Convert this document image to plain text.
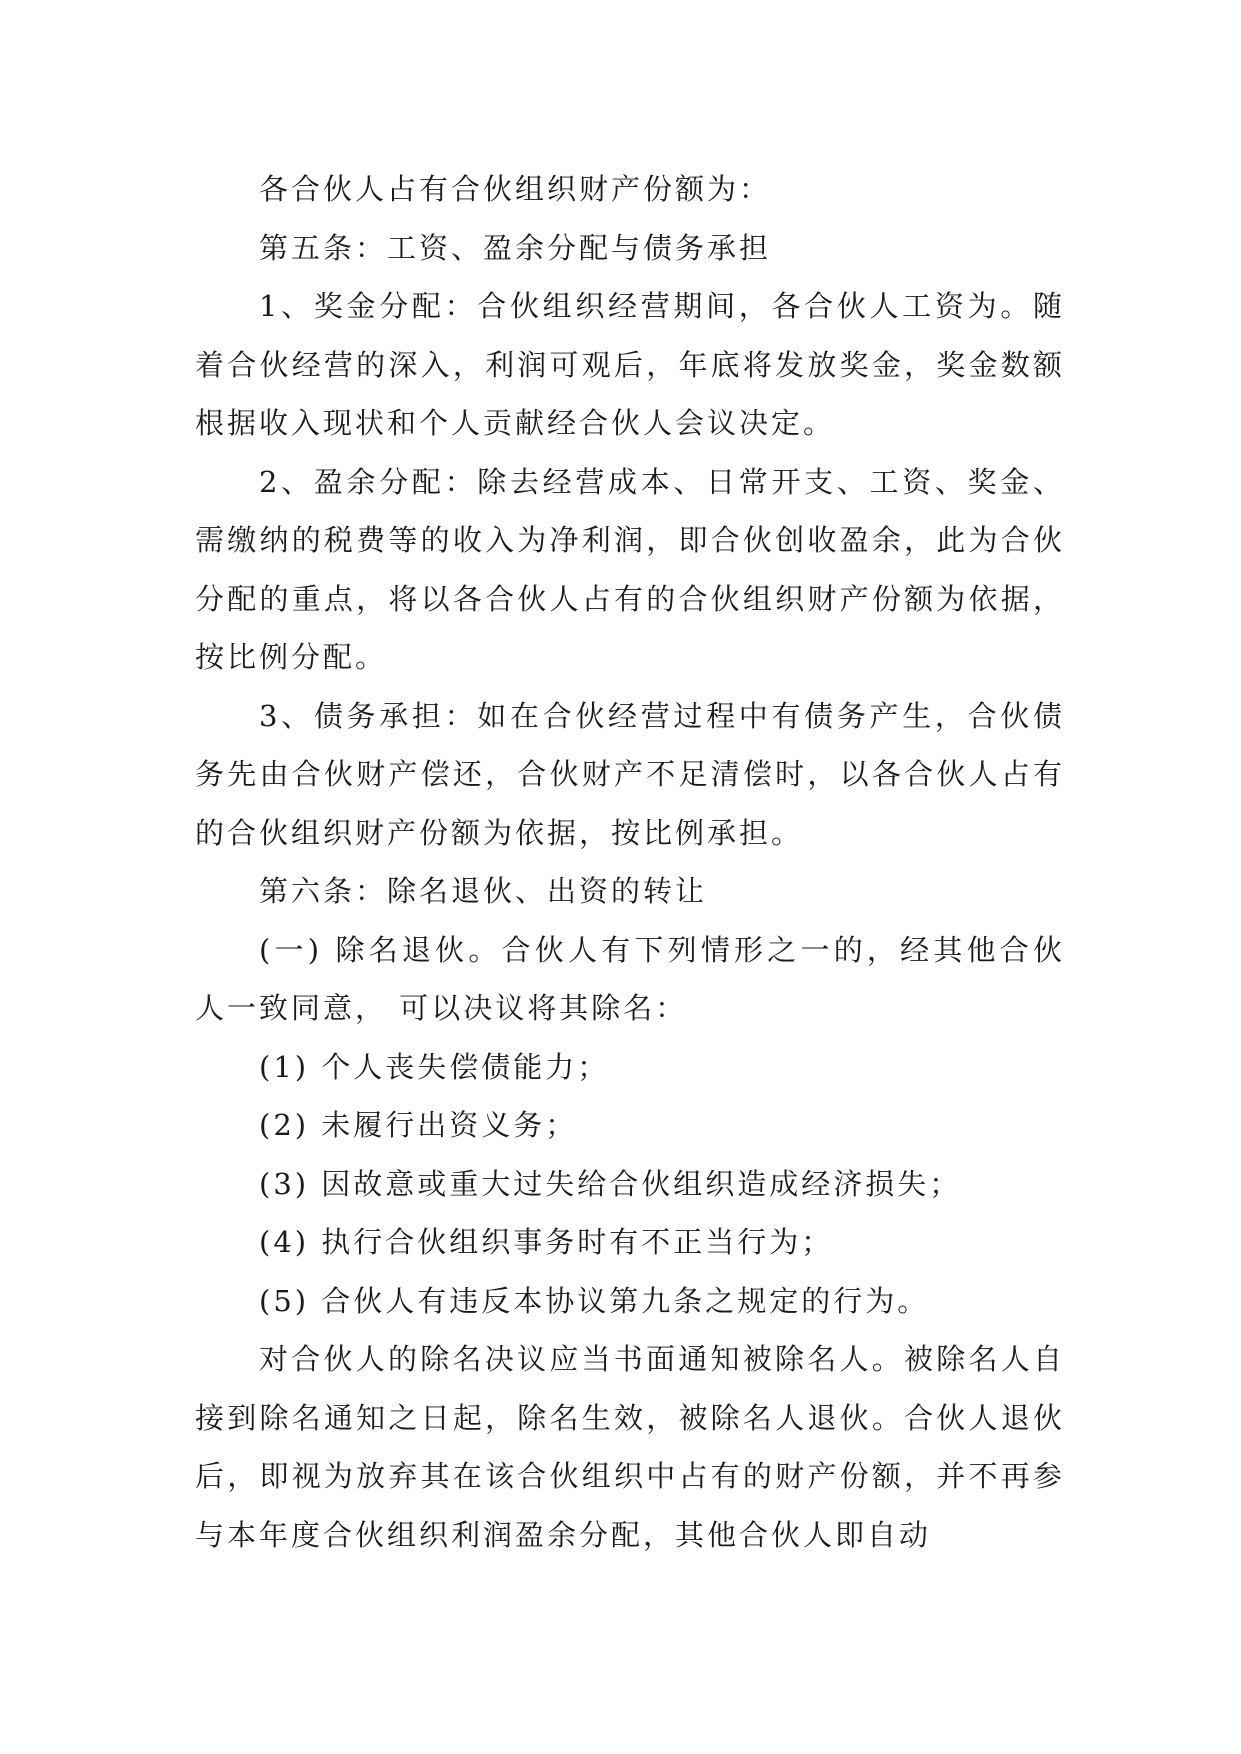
各合伙人占有合伙组织财产份额为：

第五条：工资、盈余分配与债务承担

1、奖金分配：合伙组织经营期间，各合伙人工资为。随着合伙经营的深入，利润可观后，年底将发放奖金，奖金数额根据收入现状和个人贡献经合伙人会议决定。

2、盈余分配：除去经营成本、日常开支、工资、奖金、需缴纳的税费等的收入为净利润，即合伙创收盈余，此为合伙分配的重点，将以各合伙人占有的合伙组织财产份额为依据，按比例分配。

3、债务承担：如在合伙经营过程中有债务产生，合伙债务先由合伙财产偿还，合伙财产不足清偿时，以各合伙人占有的合伙组织财产份额为依据，按比例承担。

第六条：除名退伙、出资的转让

(一) 除名退伙。合伙人有下列情形之一的，经其他合伙人一致同意， 可以决议将其除名：

(1) 个人丧失偿债能力；

(2) 未履行出资义务；

(3) 因故意或重大过失给合伙组织造成经济损失；

(4) 执行合伙组织事务时有不正当行为；

(5) 合伙人有违反本协议第九条之规定的行为。

对合伙人的除名决议应当书面通知被除名人。被除名人自接到除名通知之日起，除名生效，被除名人退伙。合伙人退伙后，即视为放弃其在该合伙组织中占有的财产份额，并不再参与本年度合伙组织利润盈余分配，其他合伙人即自动
